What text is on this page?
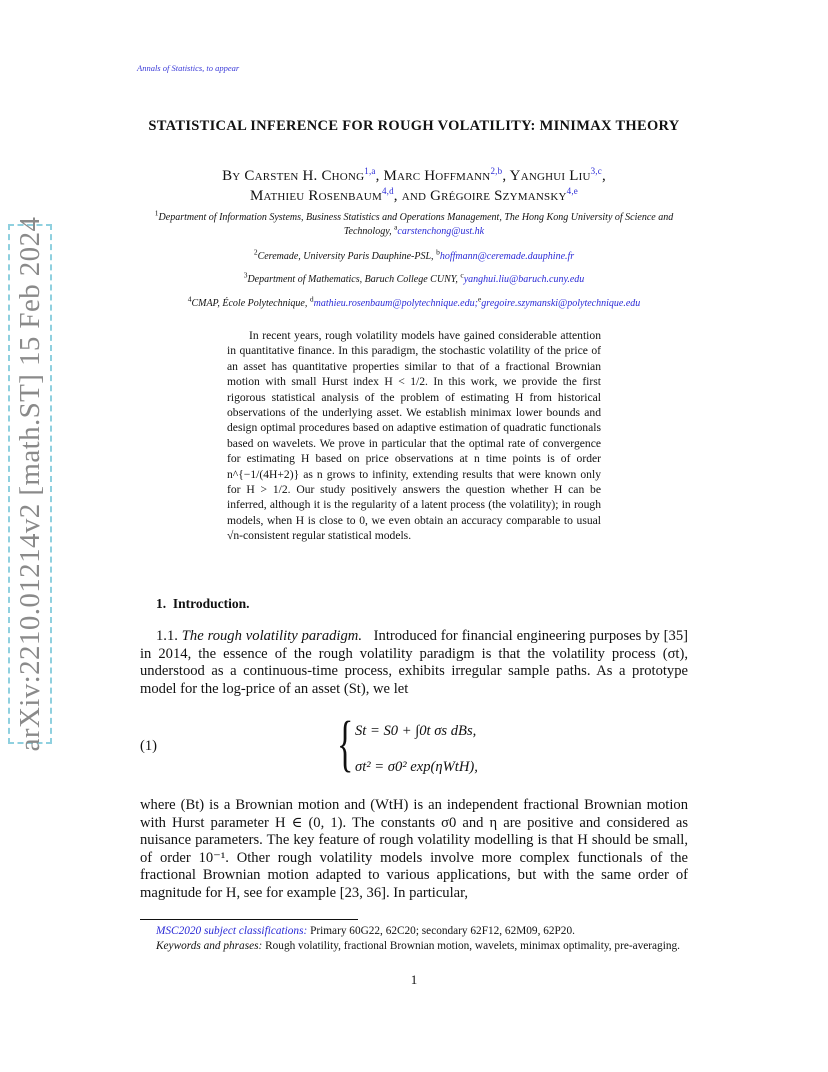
Annals of Statistics, to appear
arXiv:2210.01214v2 [math.ST] 15 Feb 2024
STATISTICAL INFERENCE FOR ROUGH VOLATILITY: MINIMAX THEORY
By Carsten H. Chong$^{1,a}$, Marc Hoffmann$^{2,b}$, Yanghui Liu$^{3,c}$,
Mathieu Rosenbaum$^{4,d}$, and Grégoire Szymansky$^{4,e}$
$^1$Department of Information Systems, Business Statistics and Operations Management, The Hong Kong University of Science and Technology, $^a$carstenchong@ust.hk
$^2$Ceremade, University Paris Dauphine-PSL, $^b$hoffmann@ceremade.dauphine.fr
$^3$Department of Mathematics, Baruch College CUNY, $^c$yanghui.liu@baruch.cuny.edu
$^4$CMAP, École Polytechnique, $^d$mathieu.rosenbaum@polytechnique.edu;$^e$gregoire.szymanski@polytechnique.edu

In recent years, rough volatility models have gained considerable attention in quantitative finance. In this paradigm, the stochastic volatility of the price of an asset has quantitative properties similar to that of a fractional Brownian motion with small Hurst index H < 1/2. In this work, we provide the first rigorous statistical analysis of the problem of estimating H from historical observations of the underlying asset. We establish minimax lower bounds and design optimal procedures based on adaptive estimation of quadratic functionals based on wavelets. We prove in particular that the optimal rate of convergence for estimating H based on price observations at n time points is of order n^{−1/(4H+2)} as n grows to infinity, extending results that were known only for H > 1/2. Our study positively answers the question whether H can be inferred, although it is the regularity of a latent process (the volatility); in rough models, when H is close to 0, we even obtain an accuracy comparable to usual √n-consistent regular statistical models.

1. Introduction.

1.1. The rough volatility paradigm. Introduced for financial engineering purposes by [35] in 2014, the essence of the rough volatility paradigm is that the volatility process (σt), understood as a continuous-time process, exhibits irregular sample paths. As a prototype model for the log-price of an asset (St), we let

(1)	{ St = S0 + ∫0t σs dBs,
σt² = σ0² exp(ηWtH),

where (Bt) is a Brownian motion and (WtH) is an independent fractional Brownian motion with Hurst parameter H ∈ (0, 1). The constants σ0 and η are positive and considered as nuisance parameters. The key feature of rough volatility modelling is that H should be small, of order 10⁻¹. Other rough volatility models involve more complex functionals of the fractional Brownian motion adapted to various applications, but with the same order of magnitude for H, see for example [23, 36]. In particular,

MSC2020 subject classifications: Primary 60G22, 62C20; secondary 62F12, 62M09, 62P20.
Keywords and phrases: Rough volatility, fractional Brownian motion, wavelets, minimax optimality, pre-averaging.
1
